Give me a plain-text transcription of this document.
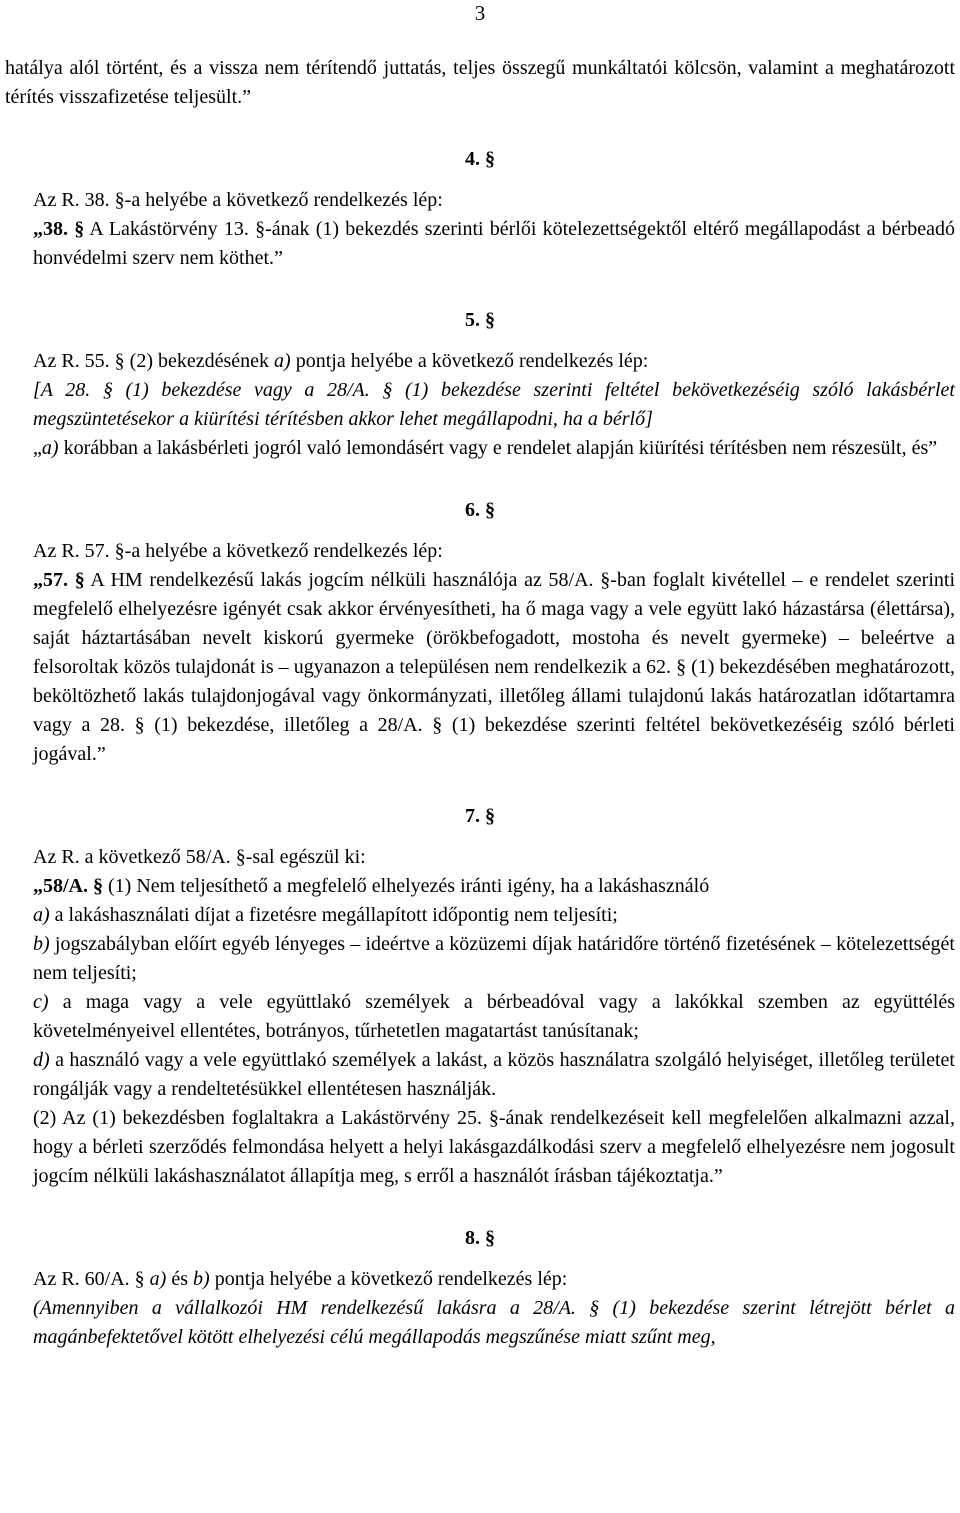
3

hatálya alól történt, és a vissza nem térítendő juttatás, teljes összegű munkáltatói kölcsön, valamint a meghatározott térítés visszafizetése teljesült.”

4. §

Az R. 38. §-a helyébe a következő rendelkezés lép:

„38. § A Lakástörvény 13. §-ának (1) bekezdés szerinti bérlői kötelezettségektől eltérő megállapodást a bérbeadó honvédelmi szerv nem köthet.”

5. §

Az R. 55. § (2) bekezdésének a) pontja helyébe a következő rendelkezés lép:

[A 28. § (1) bekezdése vagy a 28/A. § (1) bekezdése szerinti feltétel bekövetkezéséig szóló lakásbérlet megszüntetésekor a kiürítési térítésben akkor lehet megállapodni, ha a bérlő]

„a) korábban a lakásbérleti jogról való lemondásért vagy e rendelet alapján kiürítési térítésben nem részesült, és”

6. §

Az R. 57. §-a helyébe a következő rendelkezés lép:

„57. § A HM rendelkezésű lakás jogcím nélküli használója az 58/A. §-ban foglalt kivétellel – e rendelet szerinti megfelelő elhelyezésre igényét csak akkor érvényesítheti, ha ő maga vagy a vele együtt lakó házastársa (élettársa), saját háztartásában nevelt kiskorú gyermeke (örökbefogadott, mostoha és nevelt gyermeke) – beleértve a felsoroltak közös tulajdonát is – ugyanazon a településen nem rendelkezik a 62. § (1) bekezdésében meghatározott, beköltözhető lakás tulajdonjogával vagy önkormányzati, illetőleg állami tulajdonú lakás határozatlan időtartamra vagy a 28. § (1) bekezdése, illetőleg a 28/A. § (1) bekezdése szerinti feltétel bekövetkezéséig szóló bérleti jogával.”

7. §

Az R. a következő 58/A. §-sal egészül ki:

„58/A. § (1) Nem teljesíthető a megfelelő elhelyezés iránti igény, ha a lakáshasználó

a) a lakáshasználati díjat a fizetésre megállapított időpontig nem teljesíti;

b) jogszabályban előírt egyéb lényeges – ideértve a közüzemi díjak határidőre történő fizetésének – kötelezettségét nem teljesíti;

c) a maga vagy a vele együttlakó személyek a bérbeadóval vagy a lakókkal szemben az együttélés követelményeivel ellentétes, botrányos, tűrhetetlen magatartást tanúsítanak;

d) a használó vagy a vele együttlakó személyek a lakást, a közös használatra szolgáló helyiséget, illetőleg területet rongálják vagy a rendeltetésükkel ellentétesen használják.

(2) Az (1) bekezdésben foglaltakra a Lakástörvény 25. §-ának rendelkezéseit kell megfelelően alkalmazni azzal, hogy a bérleti szerződés felmondása helyett a helyi lakásgazdálkodási szerv a megfelelő elhelyezésre nem jogosult jogcím nélküli lakáshasználatot állapítja meg, s erről a használót írásban tájékoztatja.”

8. §

Az R. 60/A. § a) és b) pontja helyébe a következő rendelkezés lép:

(Amennyiben a vállalkozói HM rendelkezésű lakásra a 28/A. § (1) bekezdése szerint létrejött bérlet a magánbefektetővel kötött elhelyezési célú megállapodás megszűnése miatt szűnt meg,
